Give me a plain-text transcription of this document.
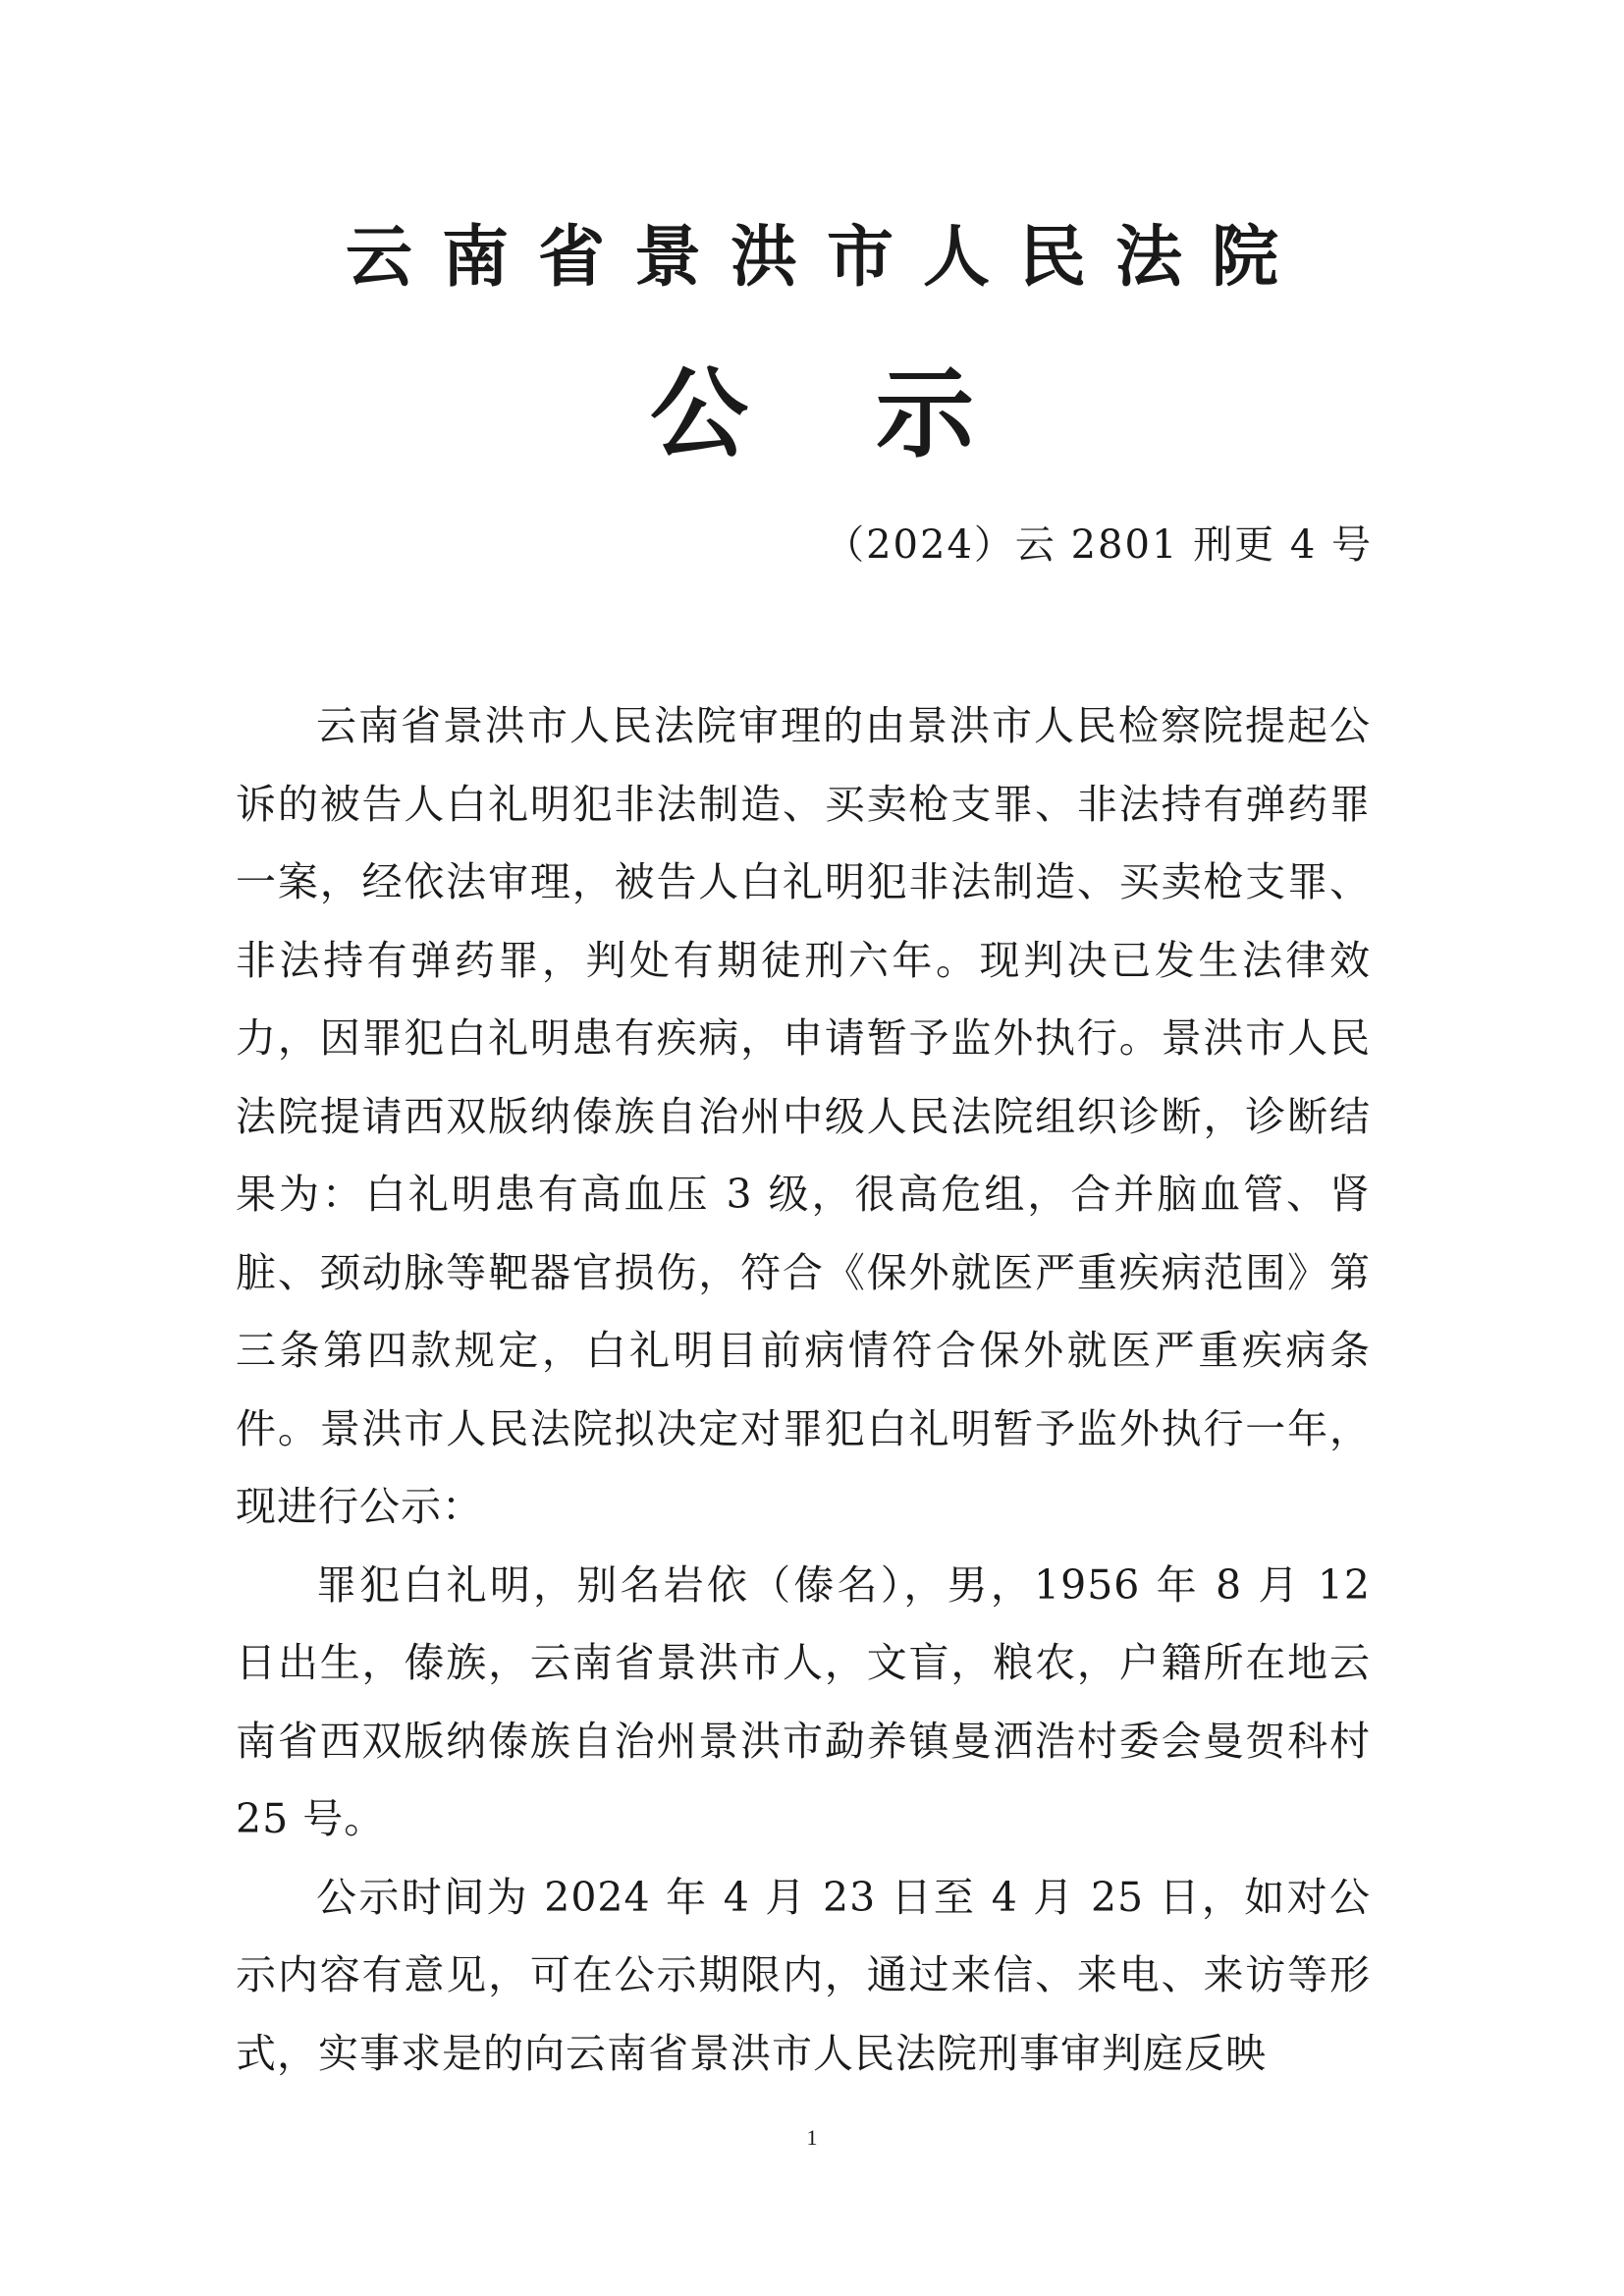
云南省景洪市人民法院
公示
（2024）云 2801 刑更 4 号

云南省景洪市人民法院审理的由景洪市人民检察院提起公诉的被告人白礼明犯非法制造、买卖枪支罪、非法持有弹药罪一案，经依法审理，被告人白礼明犯非法制造、买卖枪支罪、非法持有弹药罪，判处有期徒刑六年。现判决已发生法律效力，因罪犯白礼明患有疾病，申请暂予监外执行。景洪市人民法院提请西双版纳傣族自治州中级人民法院组织诊断，诊断结果为：白礼明患有高血压 3 级，很高危组，合并脑血管、肾脏、颈动脉等靶器官损伤，符合《保外就医严重疾病范围》第三条第四款规定，白礼明目前病情符合保外就医严重疾病条件。景洪市人民法院拟决定对罪犯白礼明暂予监外执行一年，现进行公示：

罪犯白礼明，别名岩依（傣名），男，1956 年 8 月 12 日出生，傣族，云南省景洪市人，文盲，粮农，户籍所在地云南省西双版纳傣族自治州景洪市勐养镇曼洒浩村委会曼贺科村 25 号。

公示时间为 2024 年 4 月 23 日至 4 月 25 日，如对公示内容有意见，可在公示期限内，通过来信、来电、来访等形式，实事求是的向云南省景洪市人民法院刑事审判庭反映

1
